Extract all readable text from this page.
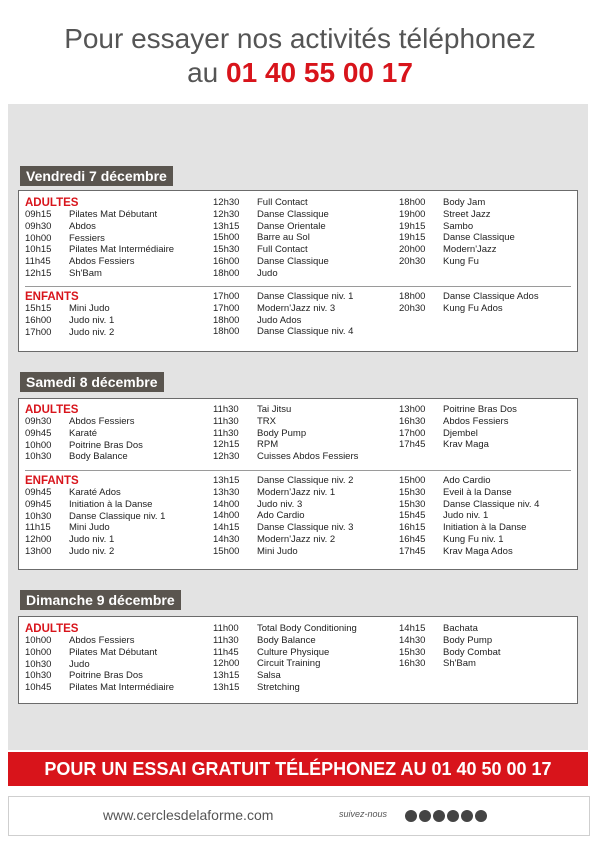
Pour essayer nos activités téléphonez
au 01 40 55 00 17
Vendredi 7 décembre
ADULTES
09h15 Pilates Mat Débutant
09h30 Abdos
10h00 Fessiers
10h15 Pilates Mat Intermédiaire
11h45 Abdos Fessiers
12h15 Sh'Bam
12h30 Full Contact
12h30 Danse Classique
13h15 Danse Orientale
15h00 Barre au Sol
15h30 Full Contact
16h00 Danse Classique
18h00 Judo
18h00 Body Jam
19h00 Street Jazz
19h15 Sambo
19h15 Danse Classique
20h00 Modern'Jazz
20h30 Kung Fu
ENFANTS
15h15 Mini Judo
16h00 Judo niv. 1
17h00 Judo niv. 2
17h00 Danse Classique niv. 1
17h00 Modern'Jazz niv. 3
18h00 Judo Ados
18h00 Danse Classique niv. 4
18h00 Danse Classique Ados
20h30 Kung Fu Ados
Samedi 8 décembre
ADULTES
09h30 Abdos Fessiers
09h45 Karaté
10h00 Poitrine Bras Dos
10h30 Body Balance
11h30 Tai Jitsu
11h30 TRX
11h30 Body Pump
12h15 RPM
12h30 Cuisses Abdos Fessiers
13h00 Poitrine Bras Dos
16h30 Abdos Fessiers
17h00 Djembel
17h45 Krav Maga
ENFANTS
09h45 Karaté Ados
09h45 Initiation à la Danse
10h30 Danse Classique niv. 1
11h15 Mini Judo
12h00 Judo niv. 1
13h00 Judo niv. 2
13h15 Danse Classique niv. 2
13h30 Modern'Jazz niv. 1
14h00 Judo niv. 3
14h00 Ado Cardio
14h15 Danse Classique niv. 3
14h30 Modern'Jazz niv. 2
15h00 Mini Judo
15h00 Ado Cardio
15h30 Eveil à la Danse
15h30 Danse Classique niv. 4
15h45 Judo niv. 1
16h15 Initiation à la Danse
16h45 Kung Fu niv. 1
17h45 Krav Maga Ados
Dimanche 9 décembre
ADULTES
10h00 Abdos Fessiers
10h00 Pilates Mat Débutant
10h30 Judo
10h30 Poitrine Bras Dos
10h45 Pilates Mat Intermédiaire
11h00 Total Body Conditioning
11h30 Body Balance
11h45 Culture Physique
12h00 Circuit Training
13h15 Salsa
13h15 Stretching
14h15 Bachata
14h30 Body Pump
15h30 Body Combat
16h30 Sh'Bam
POUR UN ESSAI GRATUIT TÉLÉPHONEZ AU 01 40 50 00 17
www.cerclesdelaforme.com	suivez-nous
